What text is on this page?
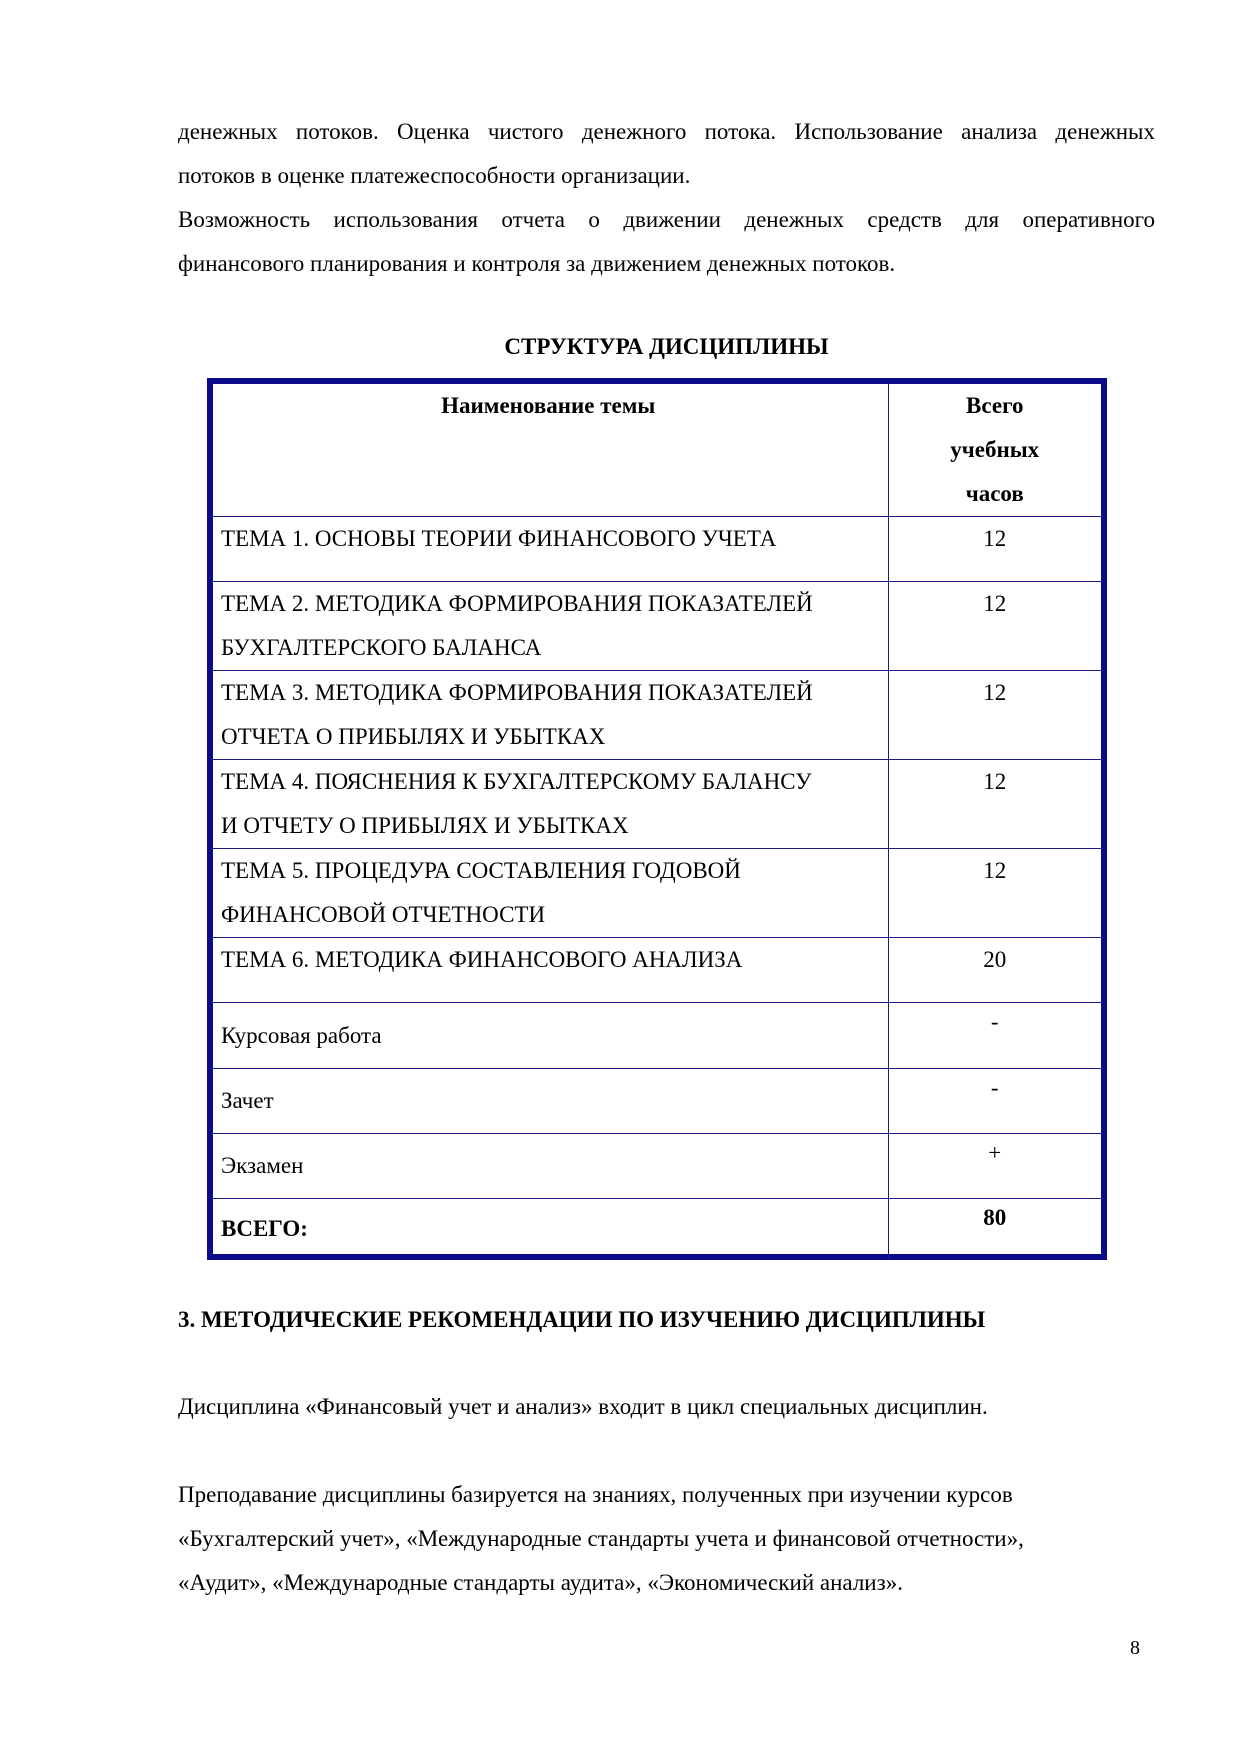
денежных потоков. Оценка чистого денежного потока. Использование анализа денежных

потоков в оценке платежеспособности организации.

Возможность использования отчета о движении денежных средств для оперативного

финансового планирования и контроля за движением денежных потоков.

СТРУКТУРА ДИСЦИПЛИНЫ
Наименование темы	Всего
учебных
часов

ТЕМА 1. ОСНОВЫ ТЕОРИИ ФИНАНСОВОГО УЧЕТА	12

ТЕМА 2. МЕТОДИКА ФОРМИРОВАНИЯ ПОКАЗАТЕЛЕЙ
БУХГАЛТЕРСКОГО БАЛАНСА	12

ТЕМА 3. МЕТОДИКА ФОРМИРОВАНИЯ ПОКАЗАТЕЛЕЙ
ОТЧЕТА О ПРИБЫЛЯХ И УБЫТКАХ	12

ТЕМА 4. ПОЯСНЕНИЯ К БУХГАЛТЕРСКОМУ БАЛАНСУ
И ОТЧЕТУ О ПРИБЫЛЯХ И УБЫТКАХ	12

ТЕМА 5. ПРОЦЕДУРА СОСТАВЛЕНИЯ ГОДОВОЙ
ФИНАНСОВОЙ ОТЧЕТНОСТИ	12

ТЕМА 6. МЕТОДИКА ФИНАНСОВОГО АНАЛИЗА	20
Курсовая работа	-

Зачет	-

Экзамен	+

ВСЕГО:	80
3. МЕТОДИЧЕСКИЕ РЕКОМЕНДАЦИИ ПО ИЗУЧЕНИЮ ДИСЦИПЛИНЫ

Дисциплина «Финансовый учет и анализ» входит в цикл специальных дисциплин.

Преподавание дисциплины базируется на знаниях, полученных при изучении курсов
«Бухгалтерский учет», «Международные стандарты учета и финансовой отчетности»,
«Аудит», «Международные стандарты аудита», «Экономический анализ».

8
